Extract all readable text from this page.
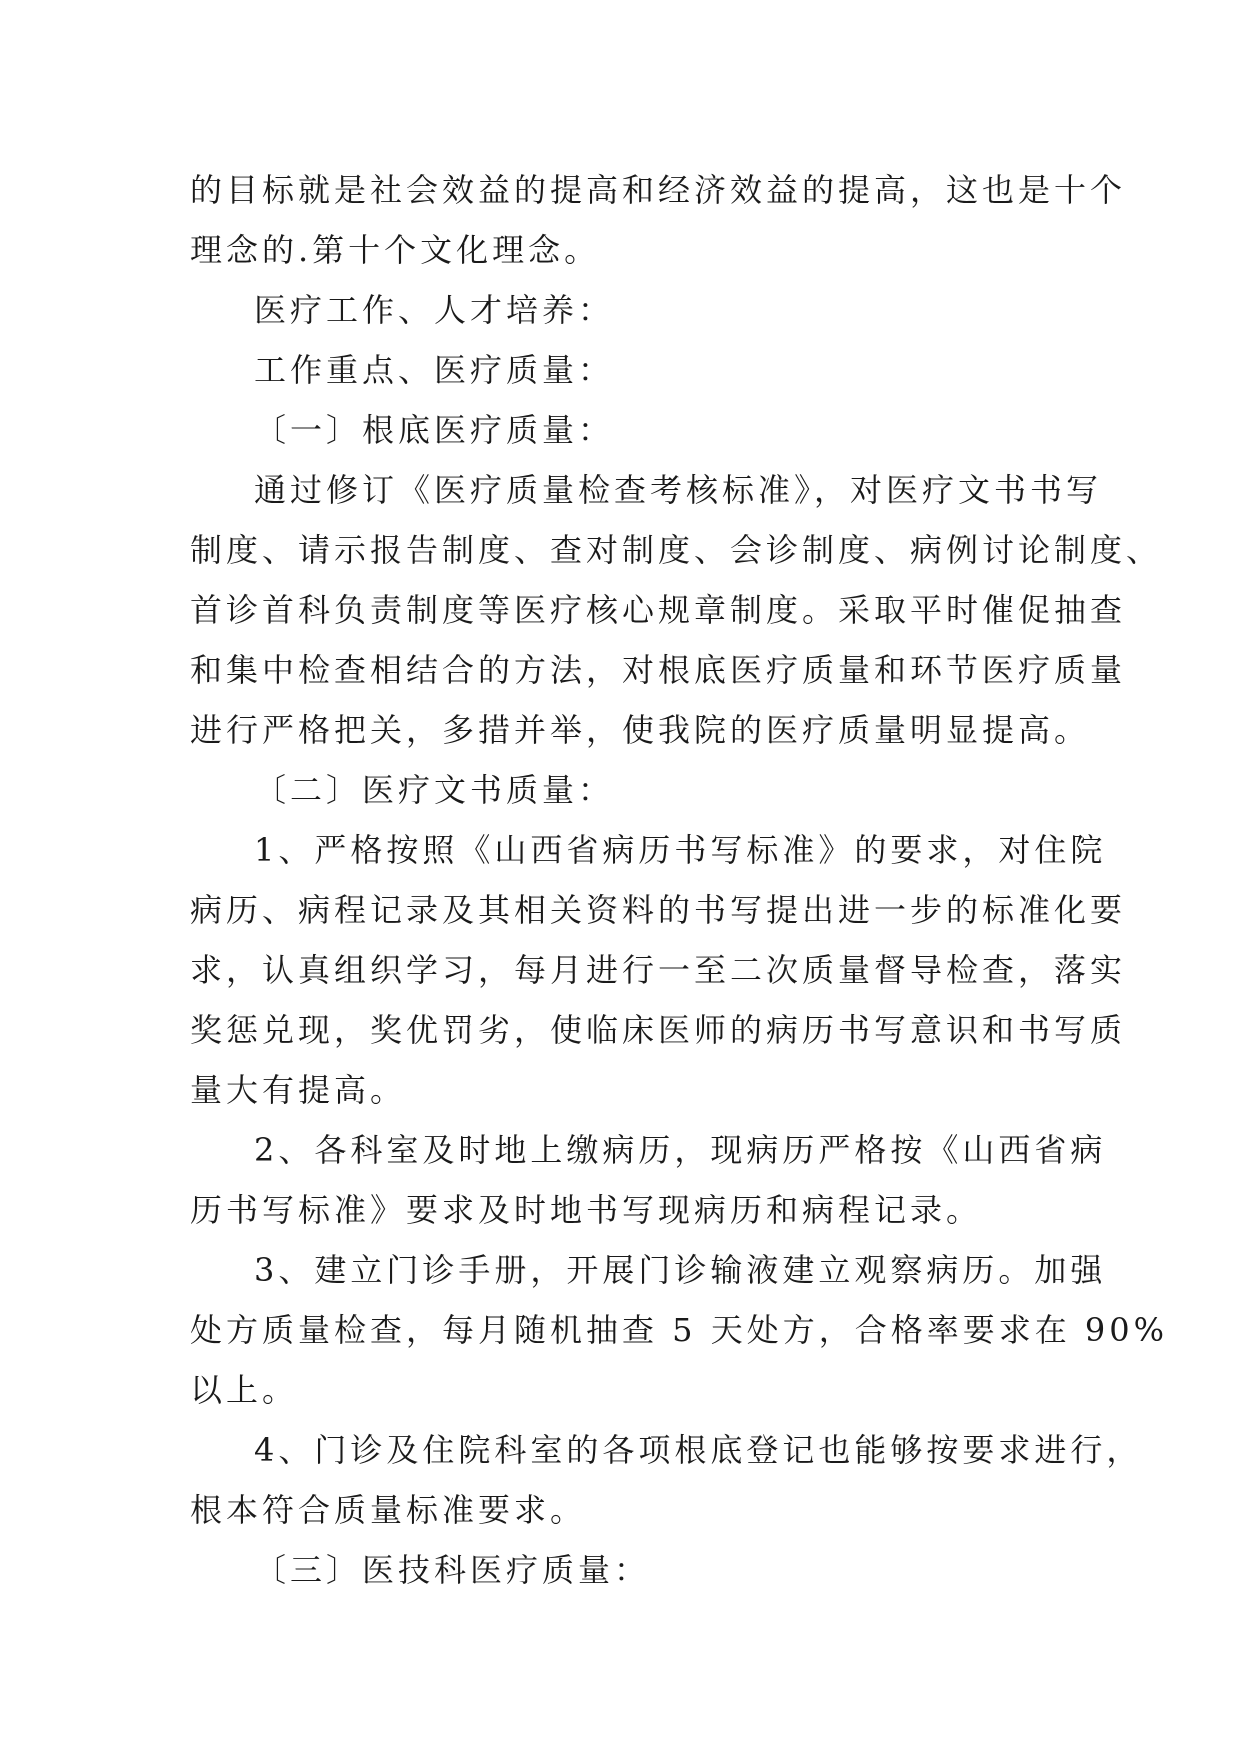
的目标就是社会效益的提高和经济效益的提高，这也是十个
理念的.第十个文化理念。
医疗工作、人才培养：
工作重点、医疗质量：
〔一〕根底医疗质量：
通过修订《医疗质量检查考核标准》，对医疗文书书写
制度、请示报告制度、查对制度、会诊制度、病例讨论制度、
首诊首科负责制度等医疗核心规章制度。采取平时催促抽查
和集中检查相结合的方法，对根底医疗质量和环节医疗质量
进行严格把关，多措并举，使我院的医疗质量明显提高。
〔二〕医疗文书质量：
1、严格按照《山西省病历书写标准》的要求，对住院
病历、病程记录及其相关资料的书写提出进一步的标准化要
求，认真组织学习，每月进行一至二次质量督导检查，落实
奖惩兑现，奖优罚劣，使临床医师的病历书写意识和书写质
量大有提高。
2、各科室及时地上缴病历，现病历严格按《山西省病
历书写标准》要求及时地书写现病历和病程记录。
3、建立门诊手册，开展门诊输液建立观察病历。加强
处方质量检查，每月随机抽查 5 天处方，合格率要求在 90%
以上。
4、门诊及住院科室的各项根底登记也能够按要求进行，
根本符合质量标准要求。
〔三〕医技科医疗质量：
